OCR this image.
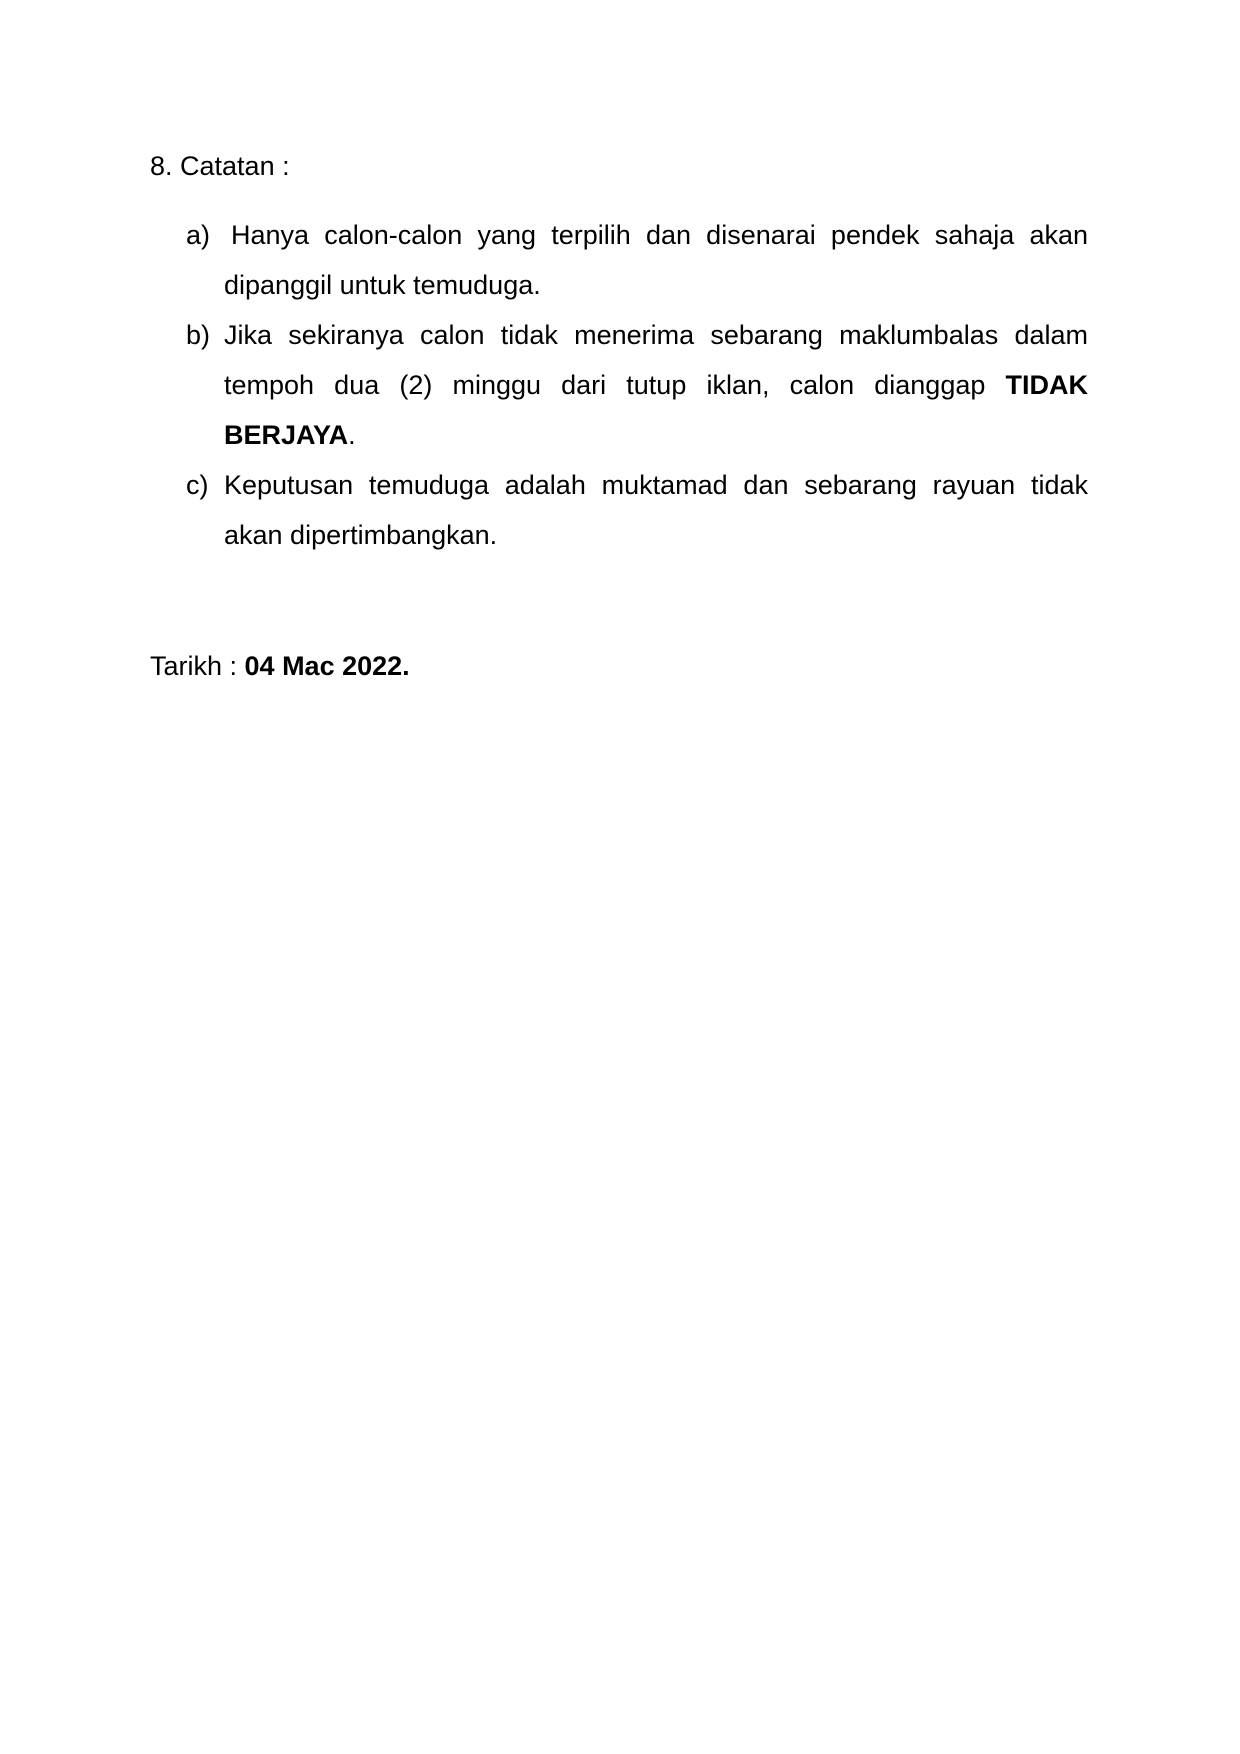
8. Catatan :
a) Hanya calon-calon yang terpilih dan disenarai pendek sahaja akan dipanggil untuk temuduga.
b) Jika sekiranya calon tidak menerima sebarang maklumbalas dalam tempoh dua (2) minggu dari tutup iklan, calon dianggap TIDAK BERJAYA.
c) Keputusan temuduga adalah muktamad dan sebarang rayuan tidak akan dipertimbangkan.
Tarikh : 04 Mac 2022.
